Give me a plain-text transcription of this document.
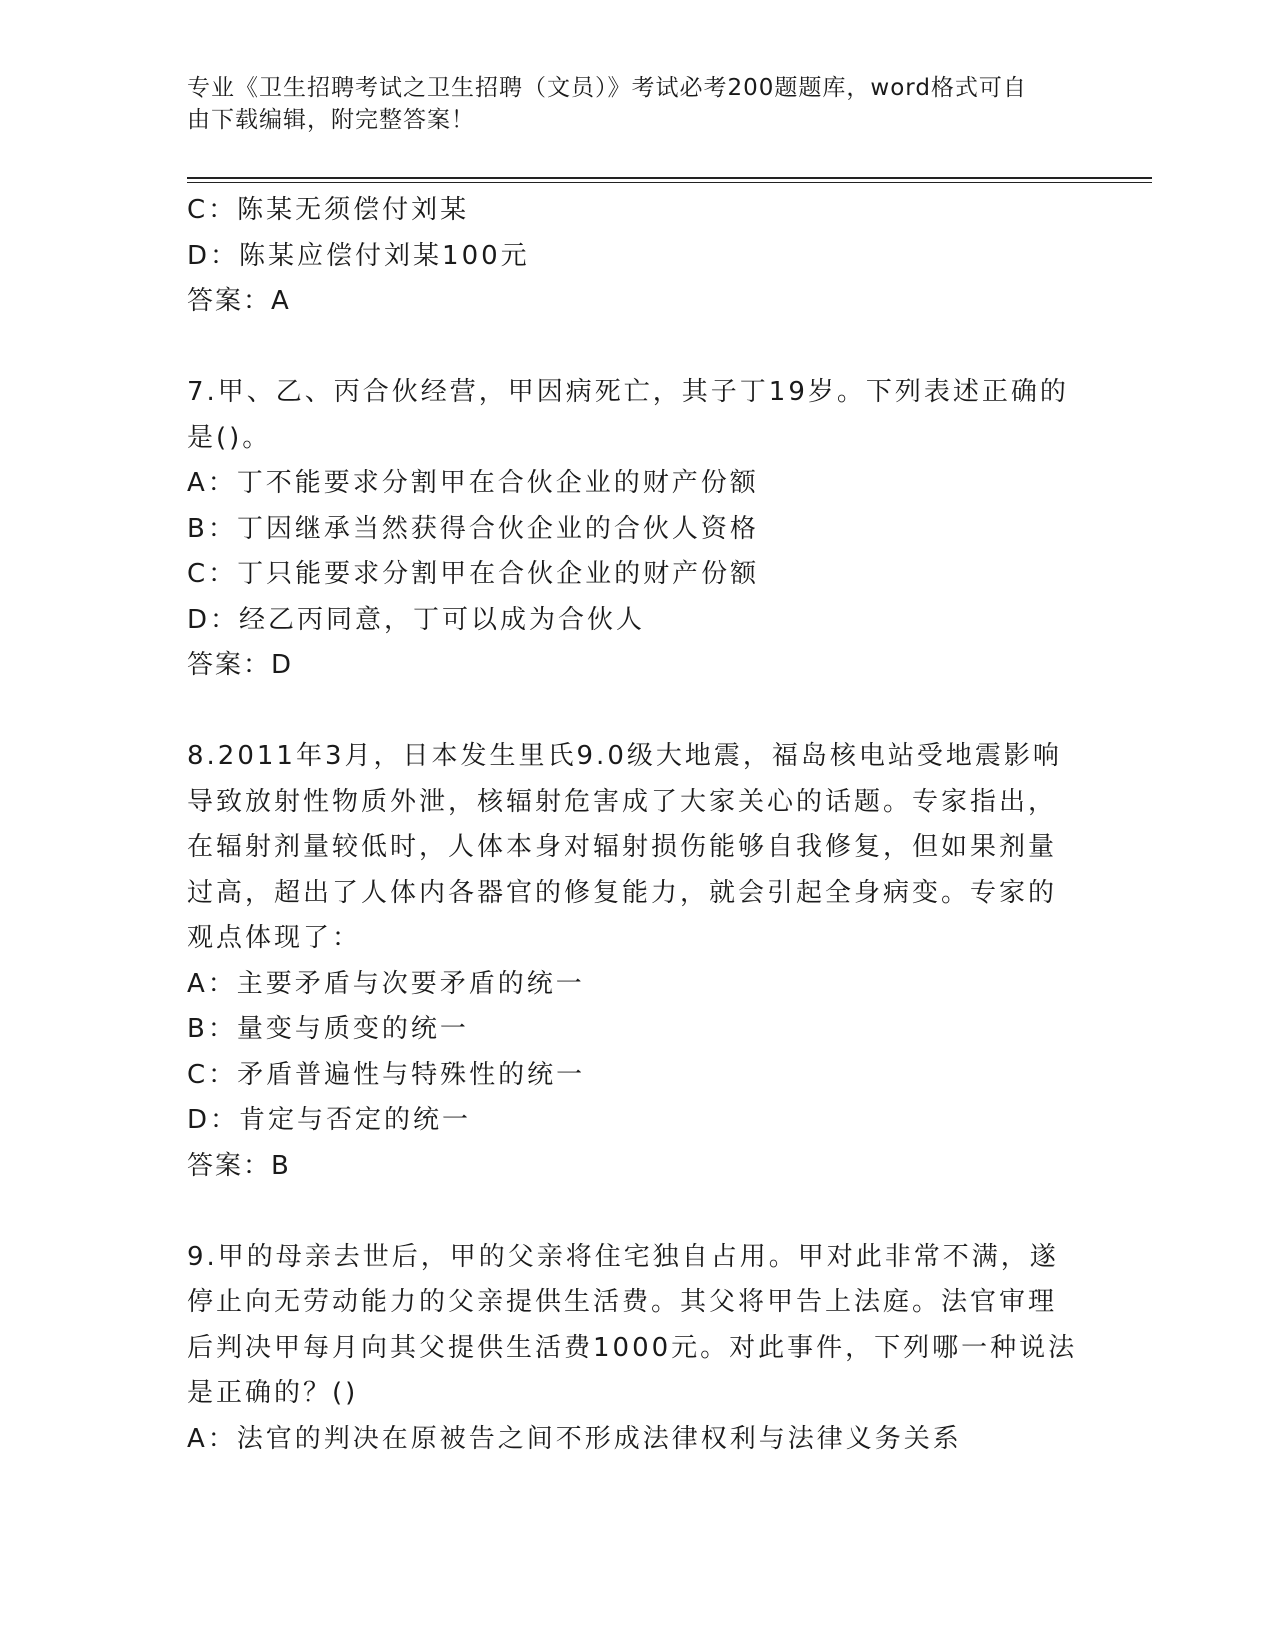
专业《卫生招聘考试之卫生招聘（文员）》考试必考200题题库，word格式可自
由下载编辑，附完整答案！
C：陈某无须偿付刘某
D：陈某应偿付刘某100元
答案：A
7.甲、乙、丙合伙经营，甲因病死亡，其子丁19岁。下列表述正确的
是()。
A：丁不能要求分割甲在合伙企业的财产份额
B：丁因继承当然获得合伙企业的合伙人资格
C：丁只能要求分割甲在合伙企业的财产份额
D：经乙丙同意，丁可以成为合伙人
答案：D
8.2011年3月，日本发生里氏9.0级大地震，福岛核电站受地震影响
导致放射性物质外泄，核辐射危害成了大家关心的话题。专家指出，
在辐射剂量较低时，人体本身对辐射损伤能够自我修复，但如果剂量
过高，超出了人体内各器官的修复能力，就会引起全身病变。专家的
观点体现了：
A：主要矛盾与次要矛盾的统一
B：量变与质变的统一
C：矛盾普遍性与特殊性的统一
D：肯定与否定的统一
答案：B
9.甲的母亲去世后，甲的父亲将住宅独自占用。甲对此非常不满，遂
停止向无劳动能力的父亲提供生活费。其父将甲告上法庭。法官审理
后判决甲每月向其父提供生活费1000元。对此事件，下列哪一种说法
是正确的？()
A：法官的判决在原被告之间不形成法律权利与法律义务关系
